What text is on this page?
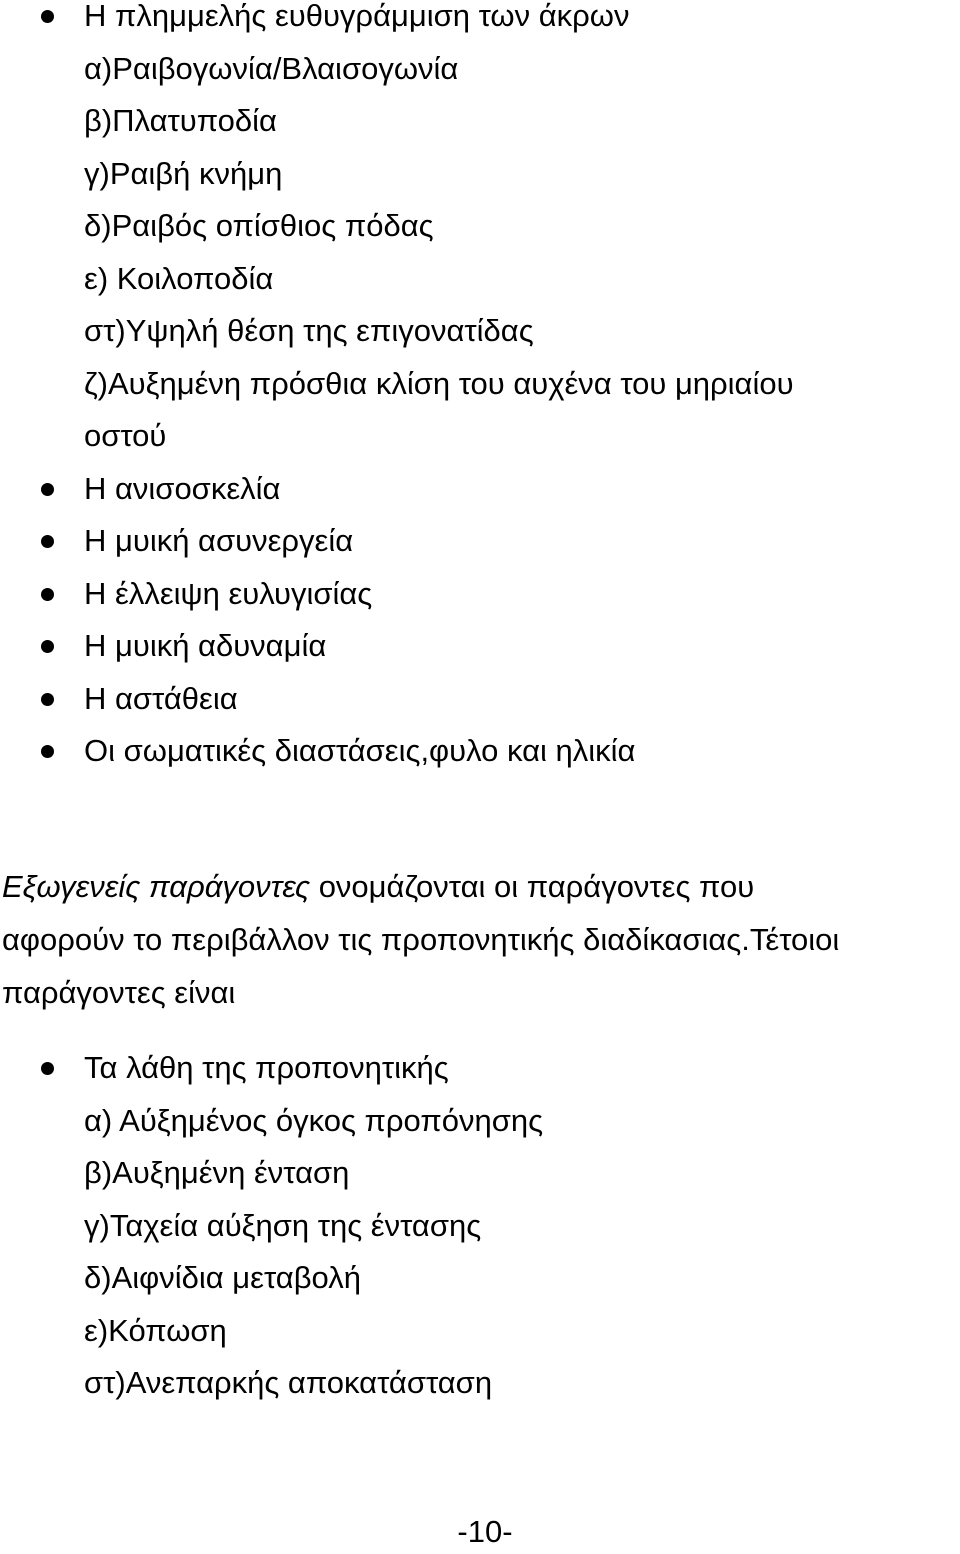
Η πλημμελής ευθυγράμμιση των άκρων
α)Ραιβογωνία/Βλαισογωνία
β)Πλατυποδία
γ)Ραιβή κνήμη
δ)Ραιβός οπίσθιος πόδας
ε) Κοιλοποδία
στ)Υψηλή θέση της επιγονατίδας
ζ)Αυξημένη πρόσθια κλίση του αυχένα του μηριαίου
οστού
Η ανισοσκελία
Η μυική ασυνεργεία
Η έλλειψη ευλυγισίας
Η μυική αδυναμία
Η αστάθεια
Οι σωματικές διαστάσεις,φυλο και ηλικία
Εξωγενείς παράγοντες ονομάζονται οι παράγοντες που
αφορούν το περιβάλλον τις προπονητικής διαδίκασιας.Τέτοιοι
παράγοντες είναι
Τα λάθη της προπονητικής
α) Αύξημένος όγκος προπόνησης
β)Αυξημένη ένταση
γ)Ταχεία αύξηση της έντασης
δ)Αιφνίδια μεταβολή
ε)Κόπωση
στ)Ανεπαρκής αποκατάσταση
-10-
